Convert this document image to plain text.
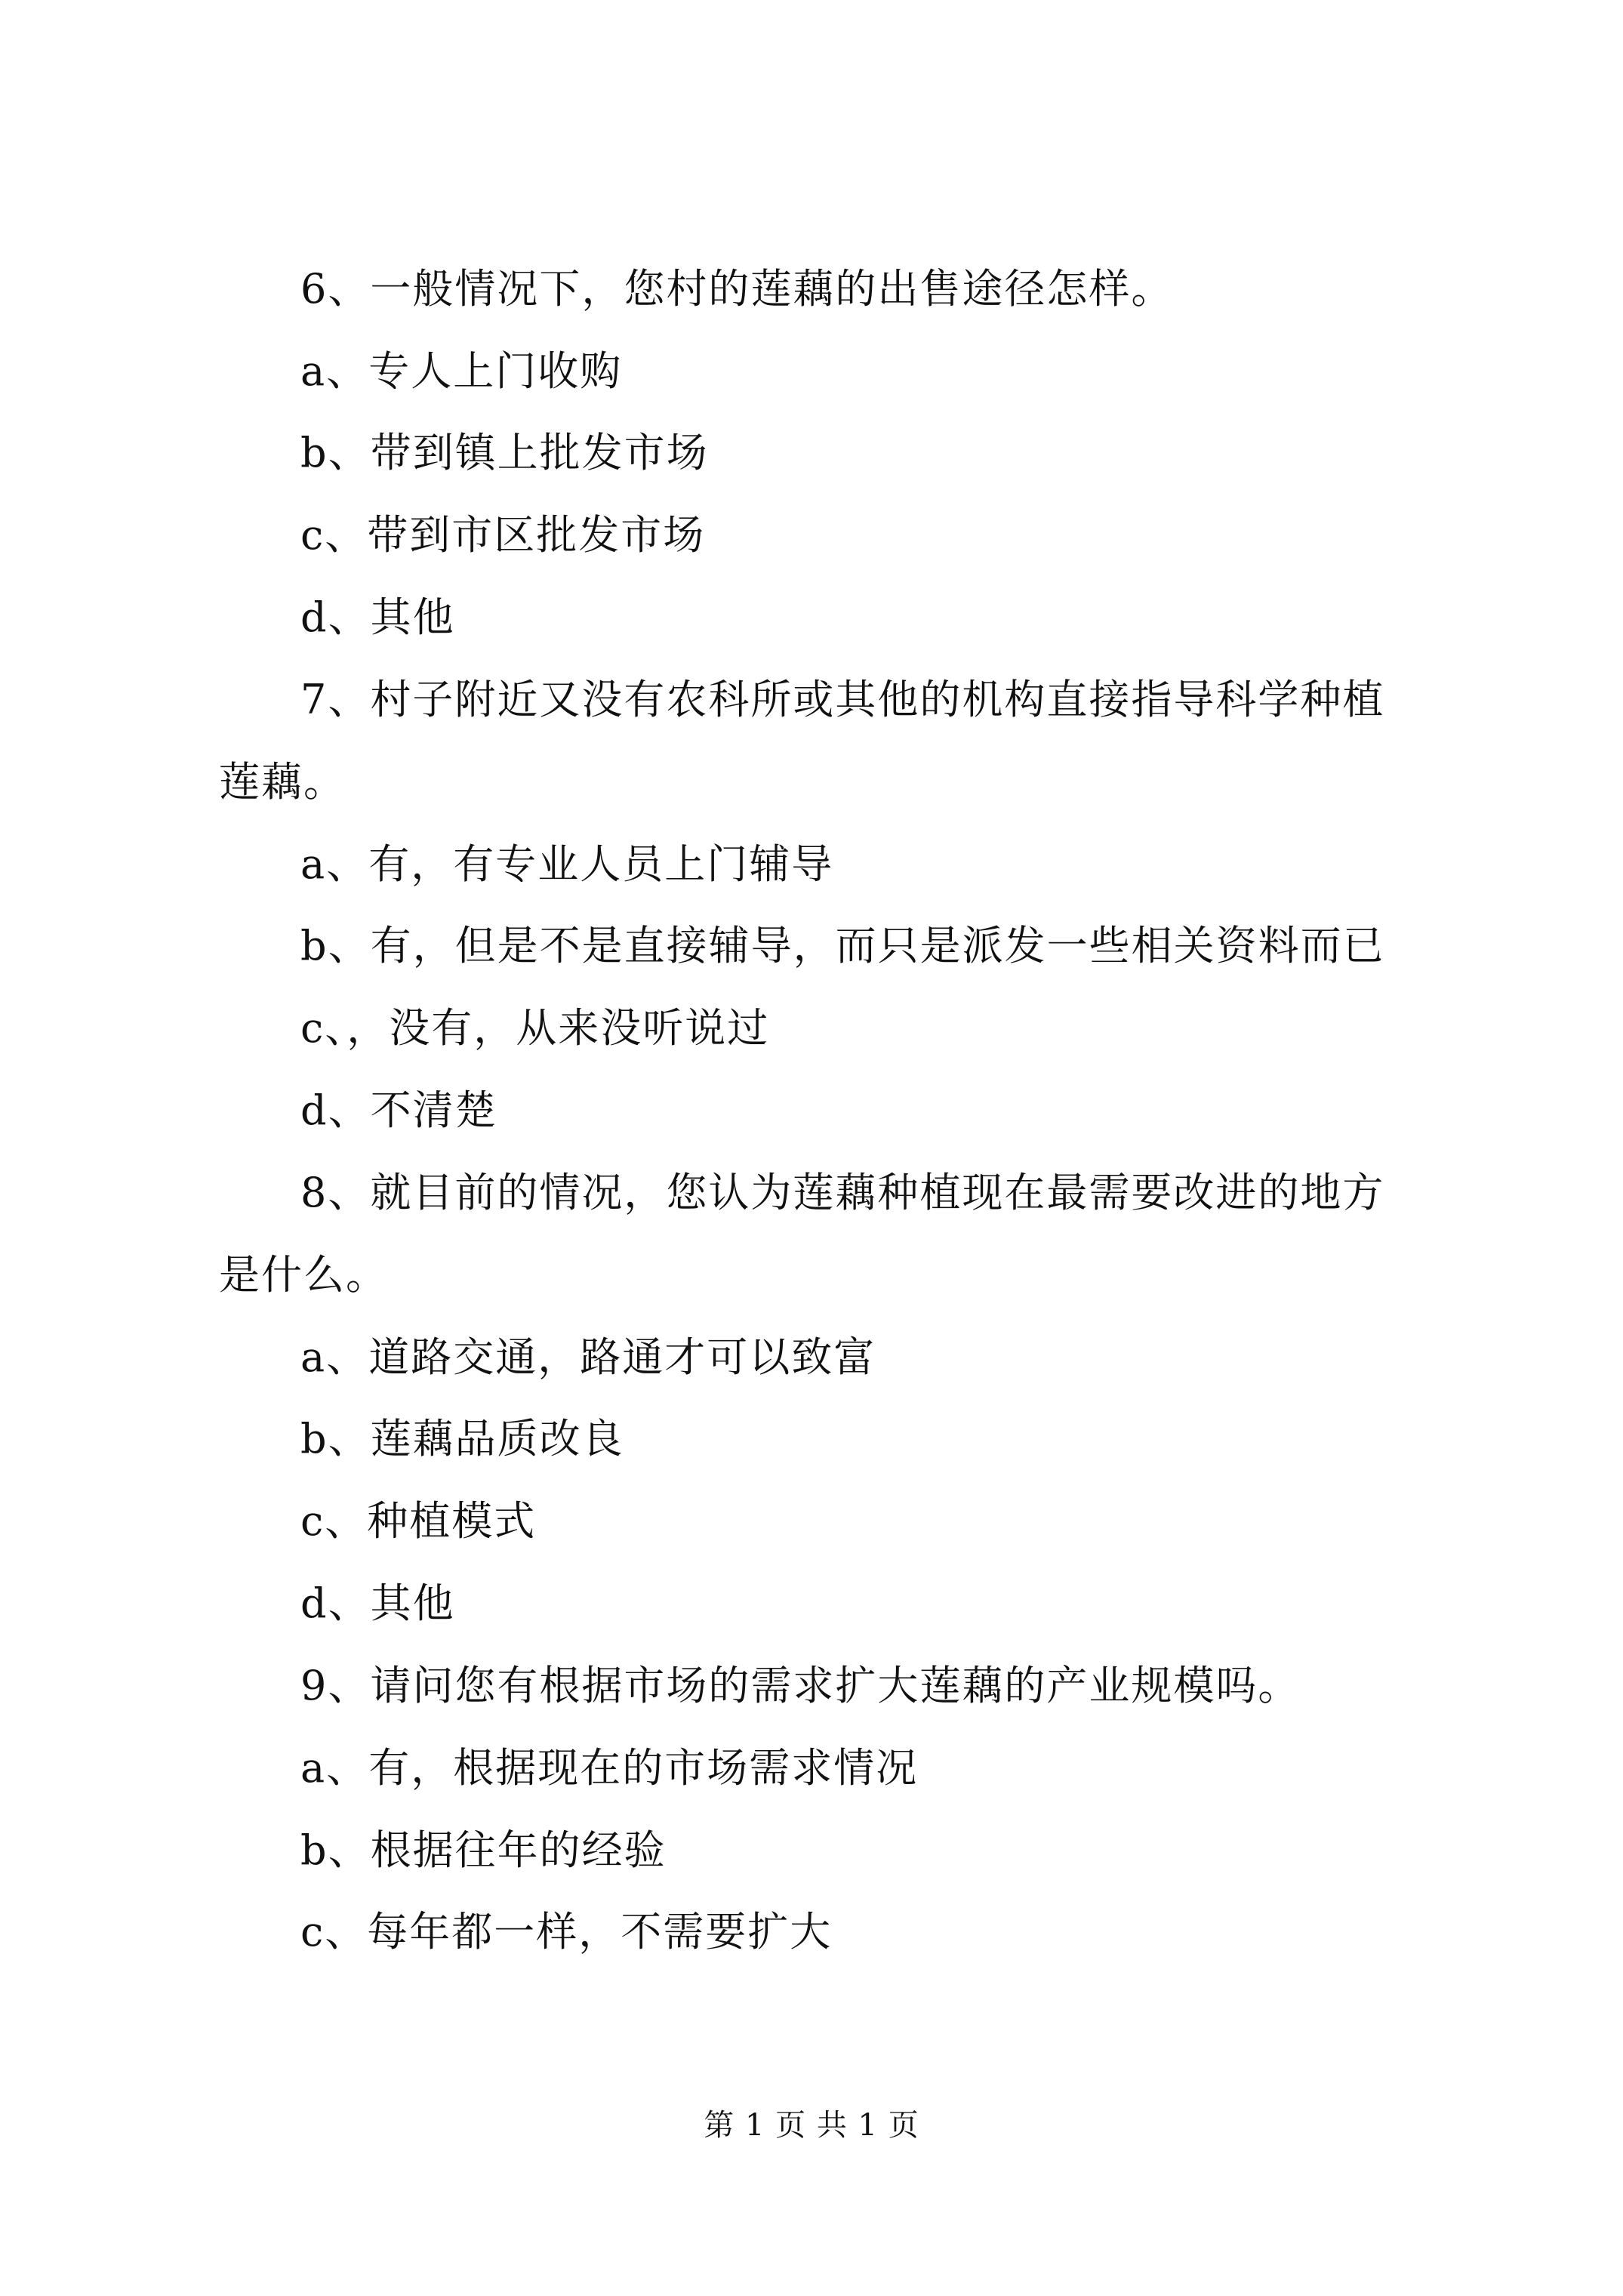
6、一般情况下，您村的莲藕的出售途径怎样。
a、专人上门收购
b、带到镇上批发市场
c、带到市区批发市场
d、其他
7、村子附近又没有农科所或其他的机构直接指导科学种植
莲藕。
a、有，有专业人员上门辅导
b、有，但是不是直接辅导，而只是派发一些相关资料而已
c、，没有，从来没听说过
d、不清楚
8、就目前的情况，您认为莲藕种植现在最需要改进的地方
是什么。
a、道路交通，路通才可以致富
b、莲藕品质改良
c、种植模式
d、其他
9、请问您有根据市场的需求扩大莲藕的产业规模吗。
a、有，根据现在的市场需求情况
b、根据往年的经验
c、每年都一样，不需要扩大
第 1 页 共 1 页
